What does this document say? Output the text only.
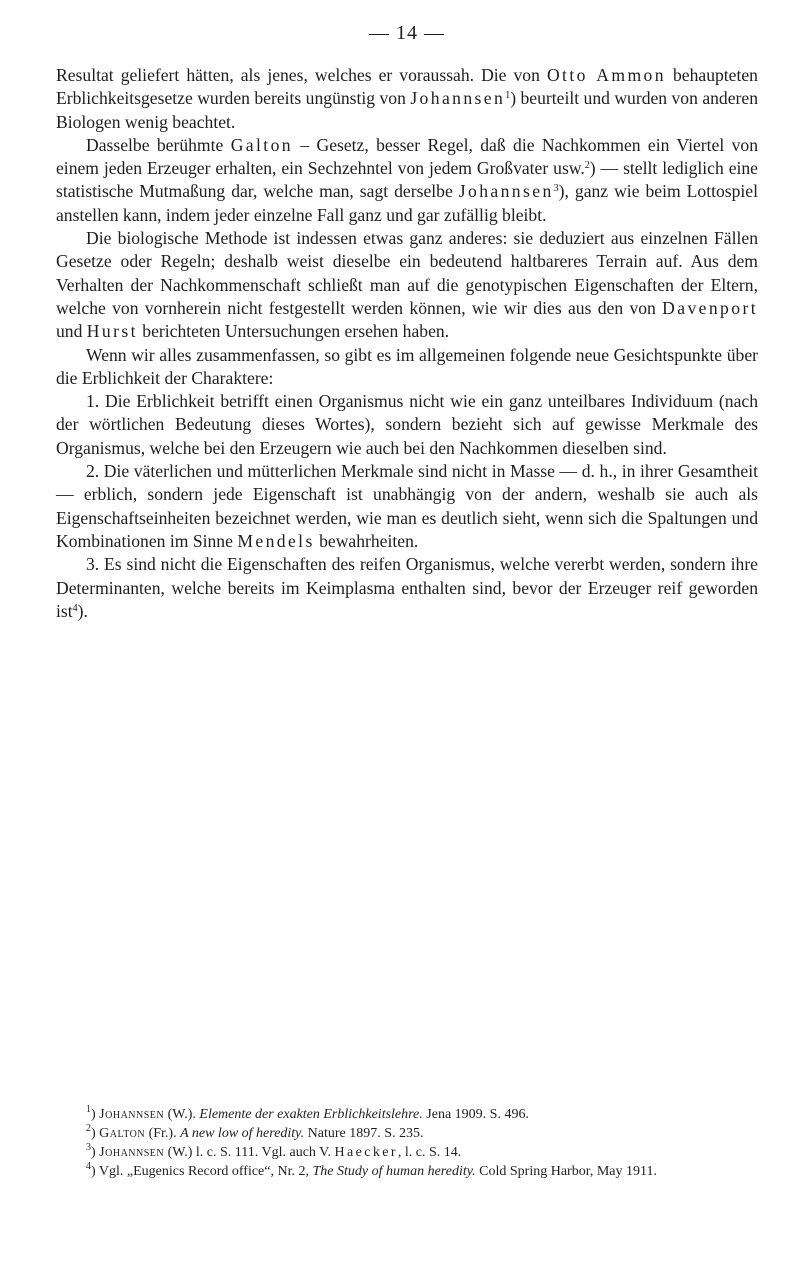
— 14 —

Resultat geliefert hätten, als jenes, welches er voraussah. Die von Otto Ammon behaupteten Erblichkeitsgesetze wurden bereits ungünstig von Johannsen$^1$) beurteilt und wurden von anderen Biologen wenig beachtet.

Dasselbe berühmte Galton – Gesetz, besser Regel, daß die Nachkommen ein Viertel von einem jeden Erzeuger erhalten, ein Sechzehntel von jedem Großvater usw.$^2$) — stellt lediglich eine statistische Mutmaßung dar, welche man, sagt derselbe Johannsen$^3$), ganz wie beim Lottospiel anstellen kann, indem jeder einzelne Fall ganz und gar zufällig bleibt.

Die biologische Methode ist indessen etwas ganz anderes: sie deduziert aus einzelnen Fällen Gesetze oder Regeln; deshalb weist dieselbe ein bedeutend haltbareres Terrain auf. Aus dem Verhalten der Nachkommenschaft schließt man auf die genotypischen Eigenschaften der Eltern, welche von vornherein nicht festgestellt werden können, wie wir dies aus den von Davenport und Hurst berichteten Untersuchungen ersehen haben.

Wenn wir alles zusammenfassen, so gibt es im allgemeinen folgende neue Gesichtspunkte über die Erblichkeit der Charaktere:

1. Die Erblichkeit betrifft einen Organismus nicht wie ein ganz unteilbares Individuum (nach der wörtlichen Bedeutung dieses Wortes), sondern bezieht sich auf gewisse Merkmale des Organismus, welche bei den Erzeugern wie auch bei den Nachkommen dieselben sind.

2. Die väterlichen und mütterlichen Merkmale sind nicht in Masse — d. h., in ihrer Gesamtheit — erblich, sondern jede Eigenschaft ist unabhängig von der andern, weshalb sie auch als Eigenschaftseinheiten bezeichnet werden, wie man es deutlich sieht, wenn sich die Spaltungen und Kombinationen im Sinne Mendels bewahrheiten.

3. Es sind nicht die Eigenschaften des reifen Organismus, welche vererbt werden, sondern ihre Determinanten, welche bereits im Keimplasma enthalten sind, bevor der Erzeuger reif geworden ist$^4$).

$^1$) Johannsen (W.). Elemente der exakten Erblichkeitslehre. Jena 1909. S. 496.

$^2$) Galton (Fr.). A new low of heredity. Nature 1897. S. 235.

$^3$) Johannsen (W.) l. c. S. 111. Vgl. auch V. Haecker, l. c. S. 14.

$^4$) Vgl. „Eugenics Record office“, Nr. 2, The Study of human heredity. Cold Spring Harbor, May 1911.
